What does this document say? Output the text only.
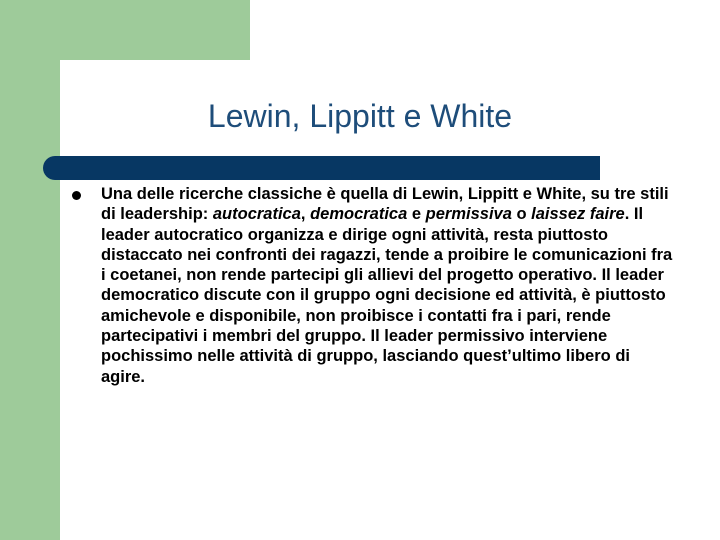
Lewin, Lippitt e White

Una delle ricerche classiche è quella di Lewin, Lippitt e White, su tre stili di leadership: autocratica, democratica e permissiva o laissez faire. Il leader autocratico organizza e dirige ogni attività, resta piuttosto distaccato nei confronti dei ragazzi, tende a proibire le comunicazioni fra i coetanei, non rende partecipi gli allievi del progetto operativo. Il leader democratico discute con il gruppo ogni decisione ed attività, è piuttosto amichevole e disponibile, non proibisce i contatti fra i pari, rende partecipativi i membri del gruppo. Il leader permissivo interviene pochissimo nelle attività di gruppo, lasciando quest’ultimo libero di agire.
